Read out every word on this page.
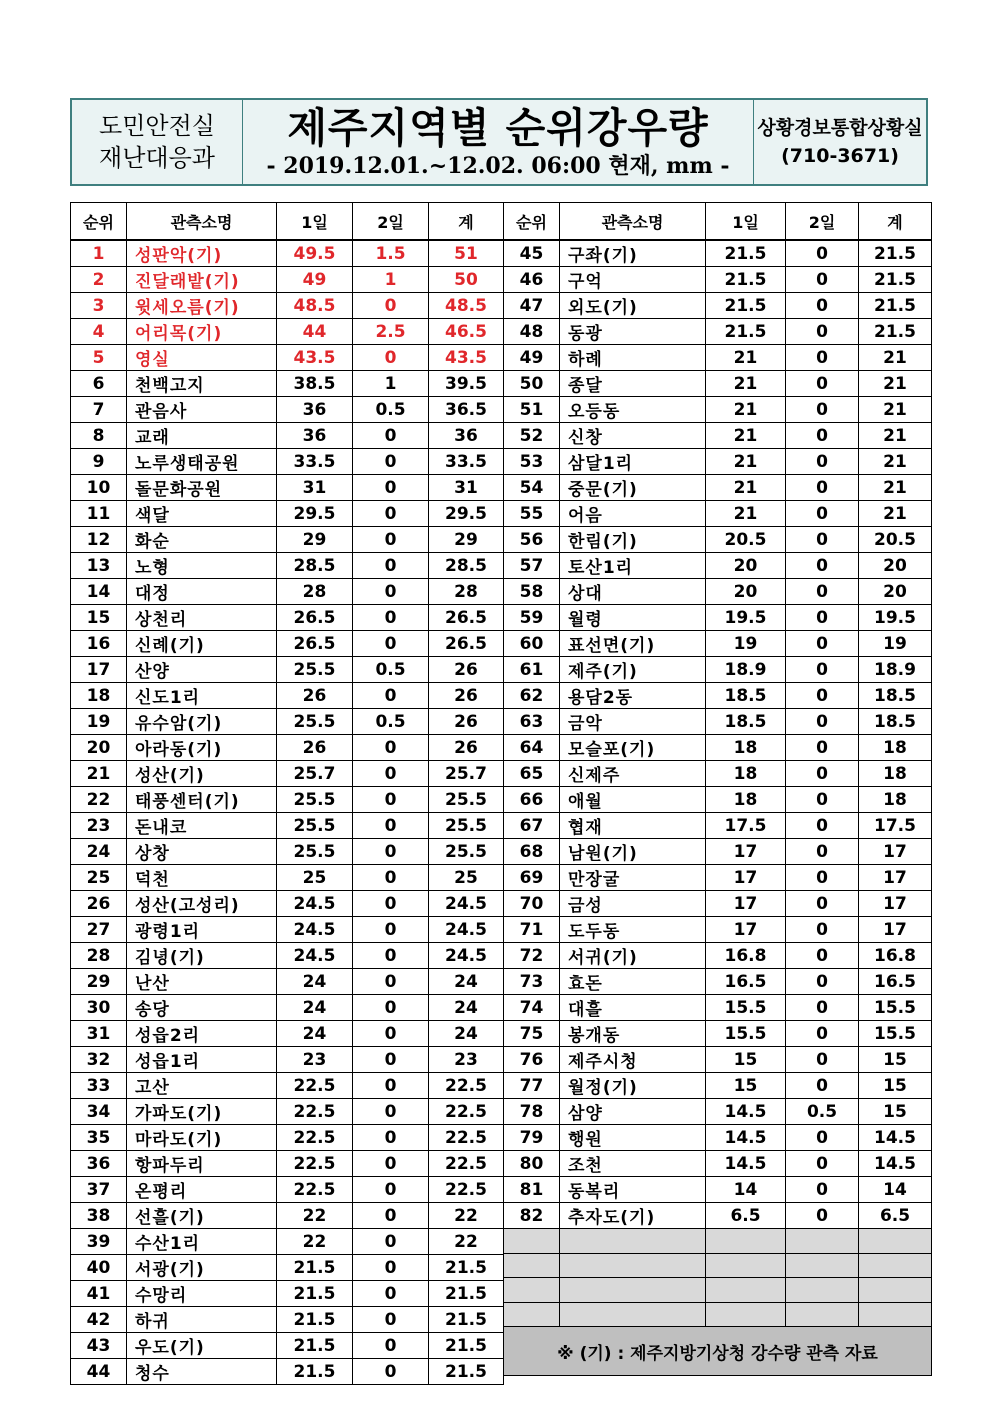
도민안전실
재난대응과
제주지역별 순위강우량
- 2019.12.01.~12.02. 06:00 현재, mm -
상황경보통합상황실
(710-3671)
순위	관측소명	1일	2일	계
1	성판악(기)	49.5	1.5	51
2	진달래밭(기)	49	1	50
3	윗세오름(기)	48.5	0	48.5
4	어리목(기)	44	2.5	46.5
5	영실	43.5	0	43.5
6	천백고지	38.5	1	39.5
7	관음사	36	0.5	36.5
8	교래	36	0	36
9	노루생태공원	33.5	0	33.5
10	돌문화공원	31	0	31
11	색달	29.5	0	29.5
12	화순	29	0	29
13	노형	28.5	0	28.5
14	대정	28	0	28
15	상천리	26.5	0	26.5
16	신례(기)	26.5	0	26.5
17	산양	25.5	0.5	26
18	신도1리	26	0	26
19	유수암(기)	25.5	0.5	26
20	아라동(기)	26	0	26
21	성산(기)	25.7	0	25.7
22	태풍센터(기)	25.5	0	25.5
23	돈내코	25.5	0	25.5
24	상창	25.5	0	25.5
25	덕천	25	0	25
26	성산(고성리)	24.5	0	24.5
27	광령1리	24.5	0	24.5
28	김녕(기)	24.5	0	24.5
29	난산	24	0	24
30	송당	24	0	24
31	성읍2리	24	0	24
32	성읍1리	23	0	23
33	고산	22.5	0	22.5
34	가파도(기)	22.5	0	22.5
35	마라도(기)	22.5	0	22.5
36	항파두리	22.5	0	22.5
37	온평리	22.5	0	22.5
38	선흘(기)	22	0	22
39	수산1리	22	0	22
40	서광(기)	21.5	0	21.5
41	수망리	21.5	0	21.5
42	하귀	21.5	0	21.5
43	우도(기)	21.5	0	21.5
44	청수	21.5	0	21.5
순위	관측소명	1일	2일	계
45	구좌(기)	21.5	0	21.5
46	구억	21.5	0	21.5
47	외도(기)	21.5	0	21.5
48	동광	21.5	0	21.5
49	하례	21	0	21
50	종달	21	0	21
51	오등동	21	0	21
52	신창	21	0	21
53	삼달1리	21	0	21
54	중문(기)	21	0	21
55	어음	21	0	21
56	한림(기)	20.5	0	20.5
57	토산1리	20	0	20
58	상대	20	0	20
59	월령	19.5	0	19.5
60	표선면(기)	19	0	19
61	제주(기)	18.9	0	18.9
62	용담2동	18.5	0	18.5
63	금악	18.5	0	18.5
64	모슬포(기)	18	0	18
65	신제주	18	0	18
66	애월	18	0	18
67	협재	17.5	0	17.5
68	남원(기)	17	0	17
69	만장굴	17	0	17
70	금성	17	0	17
71	도두동	17	0	17
72	서귀(기)	16.8	0	16.8
73	효돈	16.5	0	16.5
74	대흘	15.5	0	15.5
75	봉개동	15.5	0	15.5
76	제주시청	15	0	15
77	월정(기)	15	0	15
78	삼양	14.5	0.5	15
79	행원	14.5	0	14.5
80	조천	14.5	0	14.5
81	동복리	14	0	14
82	추자도(기)	6.5	0	6.5

※ (기) : 제주지방기상청 강수량 관측 자료				
